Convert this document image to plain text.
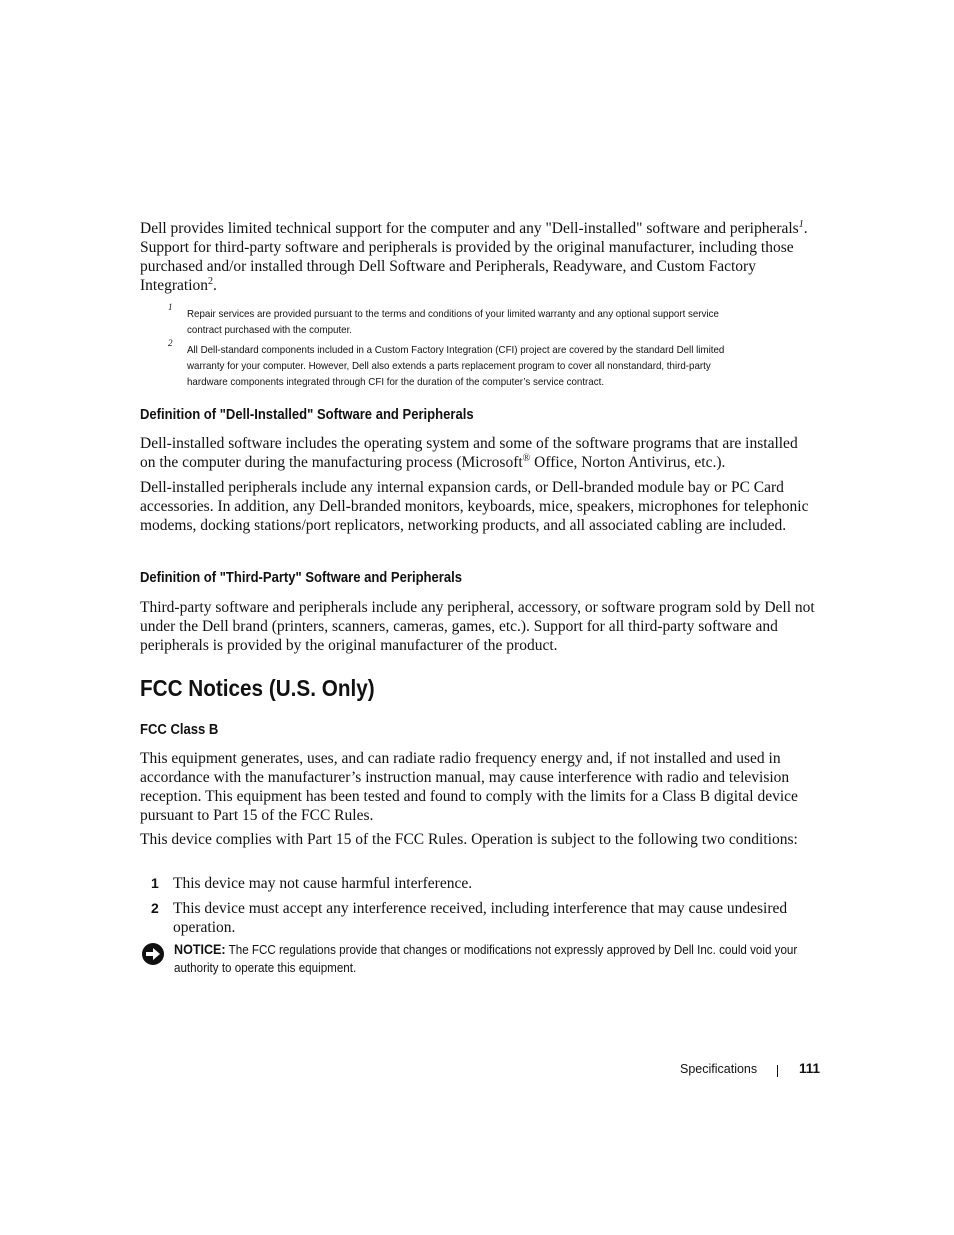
Dell provides limited technical support for the computer and any "Dell-installed" software and peripherals$^1$. Support for third-party software and peripherals is provided by the original manufacturer, including those purchased and/or installed through Dell Software and Peripherals, Readyware, and Custom Factory Integration$^2$.

1
Repair services are provided pursuant to the terms and conditions of your limited warranty and any optional support service contract purchased with the computer.
2
All Dell-standard components included in a Custom Factory Integration (CFI) project are covered by the standard Dell limited warranty for your computer. However, Dell also extends a parts replacement program to cover all nonstandard, third-party hardware components integrated through CFI for the duration of the computer’s service contract.
Definition of "Dell-Installed" Software and Peripherals

Dell-installed software includes the operating system and some of the software programs that are installed on the computer during the manufacturing process (Microsoft® Office, Norton Antivirus, etc.).

Dell-installed peripherals include any internal expansion cards, or Dell-branded module bay or PC Card accessories. In addition, any Dell-branded monitors, keyboards, mice, speakers, microphones for telephonic modems, docking stations/port replicators, networking products, and all associated cabling are included.

Definition of "Third-Party" Software and Peripherals

Third-party software and peripherals include any peripheral, accessory, or software program sold by Dell not under the Dell brand (printers, scanners, cameras, games, etc.). Support for all third-party software and peripherals is provided by the original manufacturer of the product.

FCC Notices (U.S. Only)
FCC Class B

This equipment generates, uses, and can radiate radio frequency energy and, if not installed and used in accordance with the manufacturer’s instruction manual, may cause interference with radio and television reception. This equipment has been tested and found to comply with the limits for a Class B digital device pursuant to Part 15 of the FCC Rules.

This device complies with Part 15 of the FCC Rules. Operation is subject to the following two conditions:

1 This device may not cause harmful interference.
2 This device must accept any interference received, including interference that may cause undesired operation.
NOTICE: The FCC regulations provide that changes or modifications not expressly approved by Dell Inc. could void your authority to operate this equipment.
Specifications	111
